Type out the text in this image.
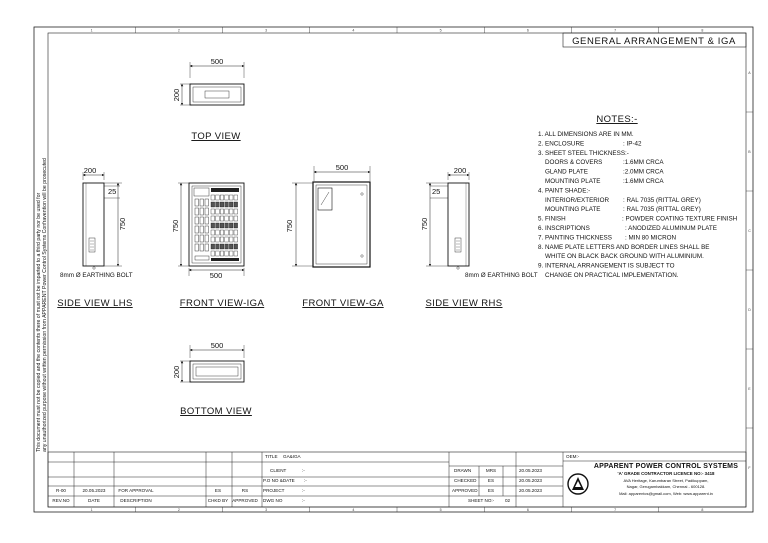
1
1
2
2
3
3
4
4
5
5
6
6
7
7
8
8
A
B
C
D
E
F
This document must not be copied and the contents there of must not be imparted to a third party nor be used for any unauthorized purpose without written permission from APPARENT Power Control Systems Confravention will be prosecuted
GENERAL ARRANGEMENT & IGA
500
200
TOP VIEW
200
25
750
8mm Ø EARTHING BOLT
SIDE VIEW LHS
750
500
FRONT VIEW-IGA
500
750
FRONT VIEW-GA
200
25
750
8mm Ø EARTHING BOLT
SIDE VIEW RHS
500
200
BOTTOM VIEW
NOTES:-
1. ALL DIMENSIONS ARE IN MM.
2. ENCLOSURE	: IP-42
3. SHEET STEEL THICKNESS:-
DOORS & COVERS	:1.6MM CRCA
GLAND PLATE	:2.0MM CRCA
MOUNTING PLATE	:1.6MM CRCA
4. PAINT SHADE:-
INTERIOR/EXTERIOR : RAL 7035 (RITTAL GREY)
MOUNTING PLATE	: RAL 7035 (RITTAL GREY)
5. FINISH	: POWDER COATING TEXTURE FINISH
6. INSCRIPTIONS	: ANODIZED ALUMINUM PLATE
7. PAINTING THICKNESS : MIN 80 MICRON
8. NAME PLATE LETTERS AND BORDER LINES SHALL BE
WHITE ON BLACK BACK GROUND WITH ALUMINIUM.
9. INTERNAL ARRANGEMENT IS SUBJECT TO
CHANGE ON PRACTICAL IMPLEMENTATION.
R-00	20.05.2023	FOR APPROVAL	ES	RS
REV.NO	DATE	DESCRIPTION	CHKD BY APPROVED
TITLE GA&IGA
CLIENT	:-
P.O NO &DATE :-
PROJECT	:-
DWG NO	:-
DRAWN	MRS	20.05.2023
CHECKED ES	20.05.2023
APPROVED ES	20.05.2023
SHEET NO:- 02
OEM:-
APPARENT POWER CONTROL SYSTEMS
'A' GRADE CONTRACTOR LICENCE NO:- 3418
AVA Heritage, Karumbaran Street, Padikuppam,
Nagar, Gerugambakkam, Chennai - 600128.
Mail: apparentcs@gmail.com, Web: www.apparent.in
